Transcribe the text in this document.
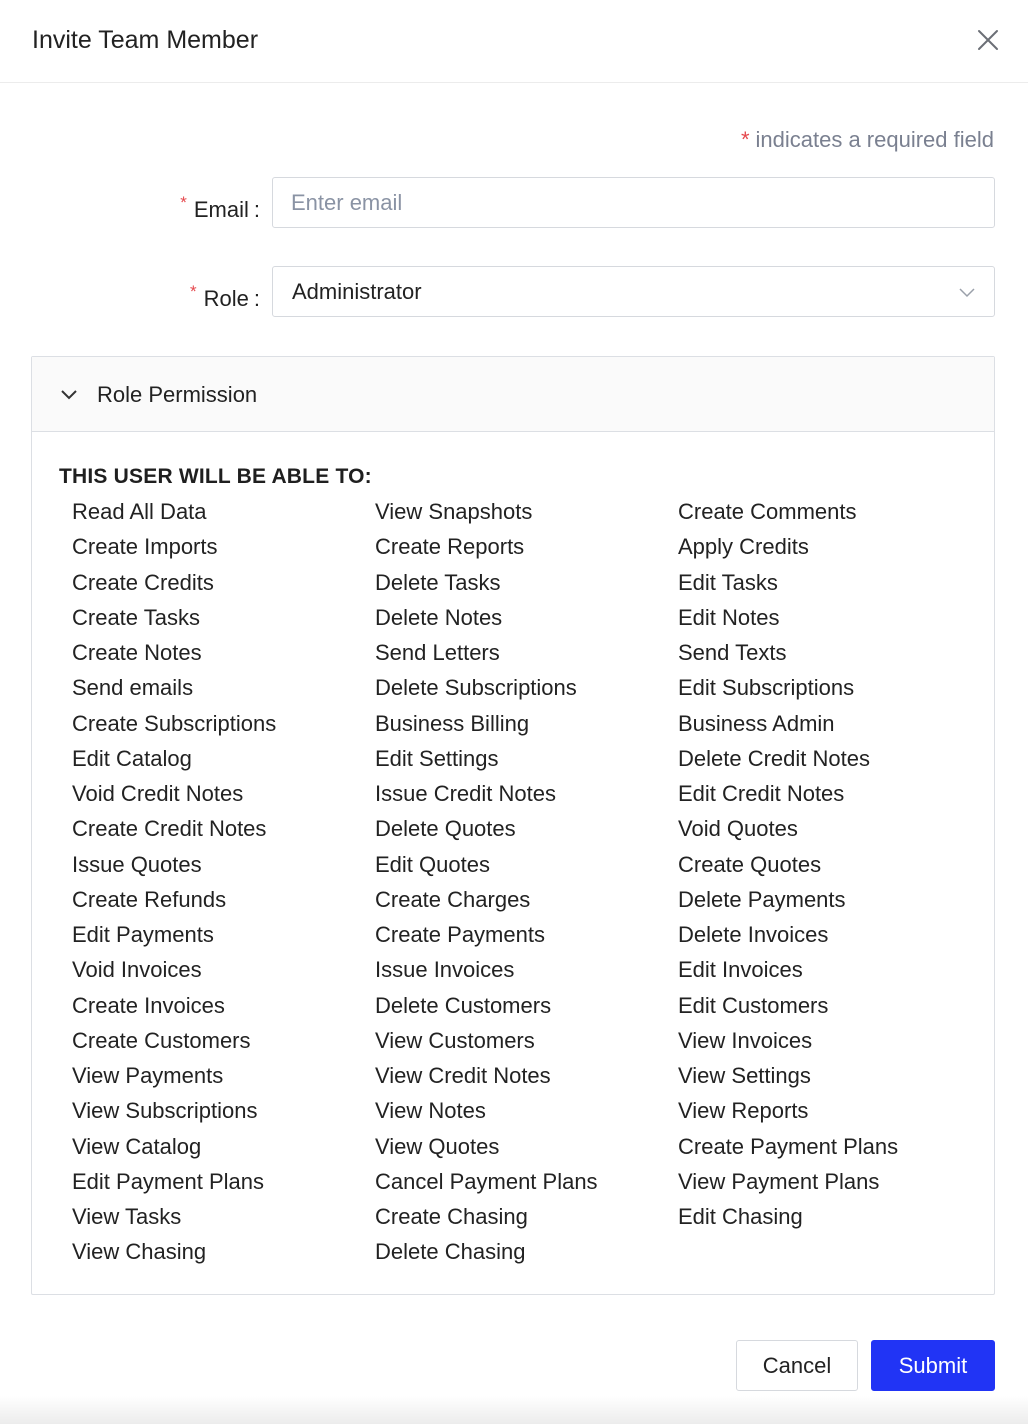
Invite Team Member
* indicates a required field
* Email :
Enter email
* Role : Administrator
Role Permission
THIS USER WILL BE ABLE TO:
Read All Data
Create Imports
Create Credits
Create Tasks
Create Notes
Send emails
Create Subscriptions
Edit Catalog
Void Credit Notes
Create Credit Notes
Issue Quotes
Create Refunds
Edit Payments
Void Invoices
Create Invoices
Create Customers
View Payments
View Subscriptions
View Catalog
Edit Payment Plans
View Tasks
View Chasing
View Snapshots
Create Reports
Delete Tasks
Delete Notes
Send Letters
Delete Subscriptions
Business Billing
Edit Settings
Issue Credit Notes
Delete Quotes
Edit Quotes
Create Charges
Create Payments
Issue Invoices
Delete Customers
View Customers
View Credit Notes
View Notes
View Quotes
Cancel Payment Plans
Create Chasing
Delete Chasing
Create Comments
Apply Credits
Edit Tasks
Edit Notes
Send Texts
Edit Subscriptions
Business Admin
Delete Credit Notes
Edit Credit Notes
Void Quotes
Create Quotes
Delete Payments
Delete Invoices
Edit Invoices
Edit Customers
View Invoices
View Settings
View Reports
Create Payment Plans
View Payment Plans
Edit Chasing
Cancel	Submit
